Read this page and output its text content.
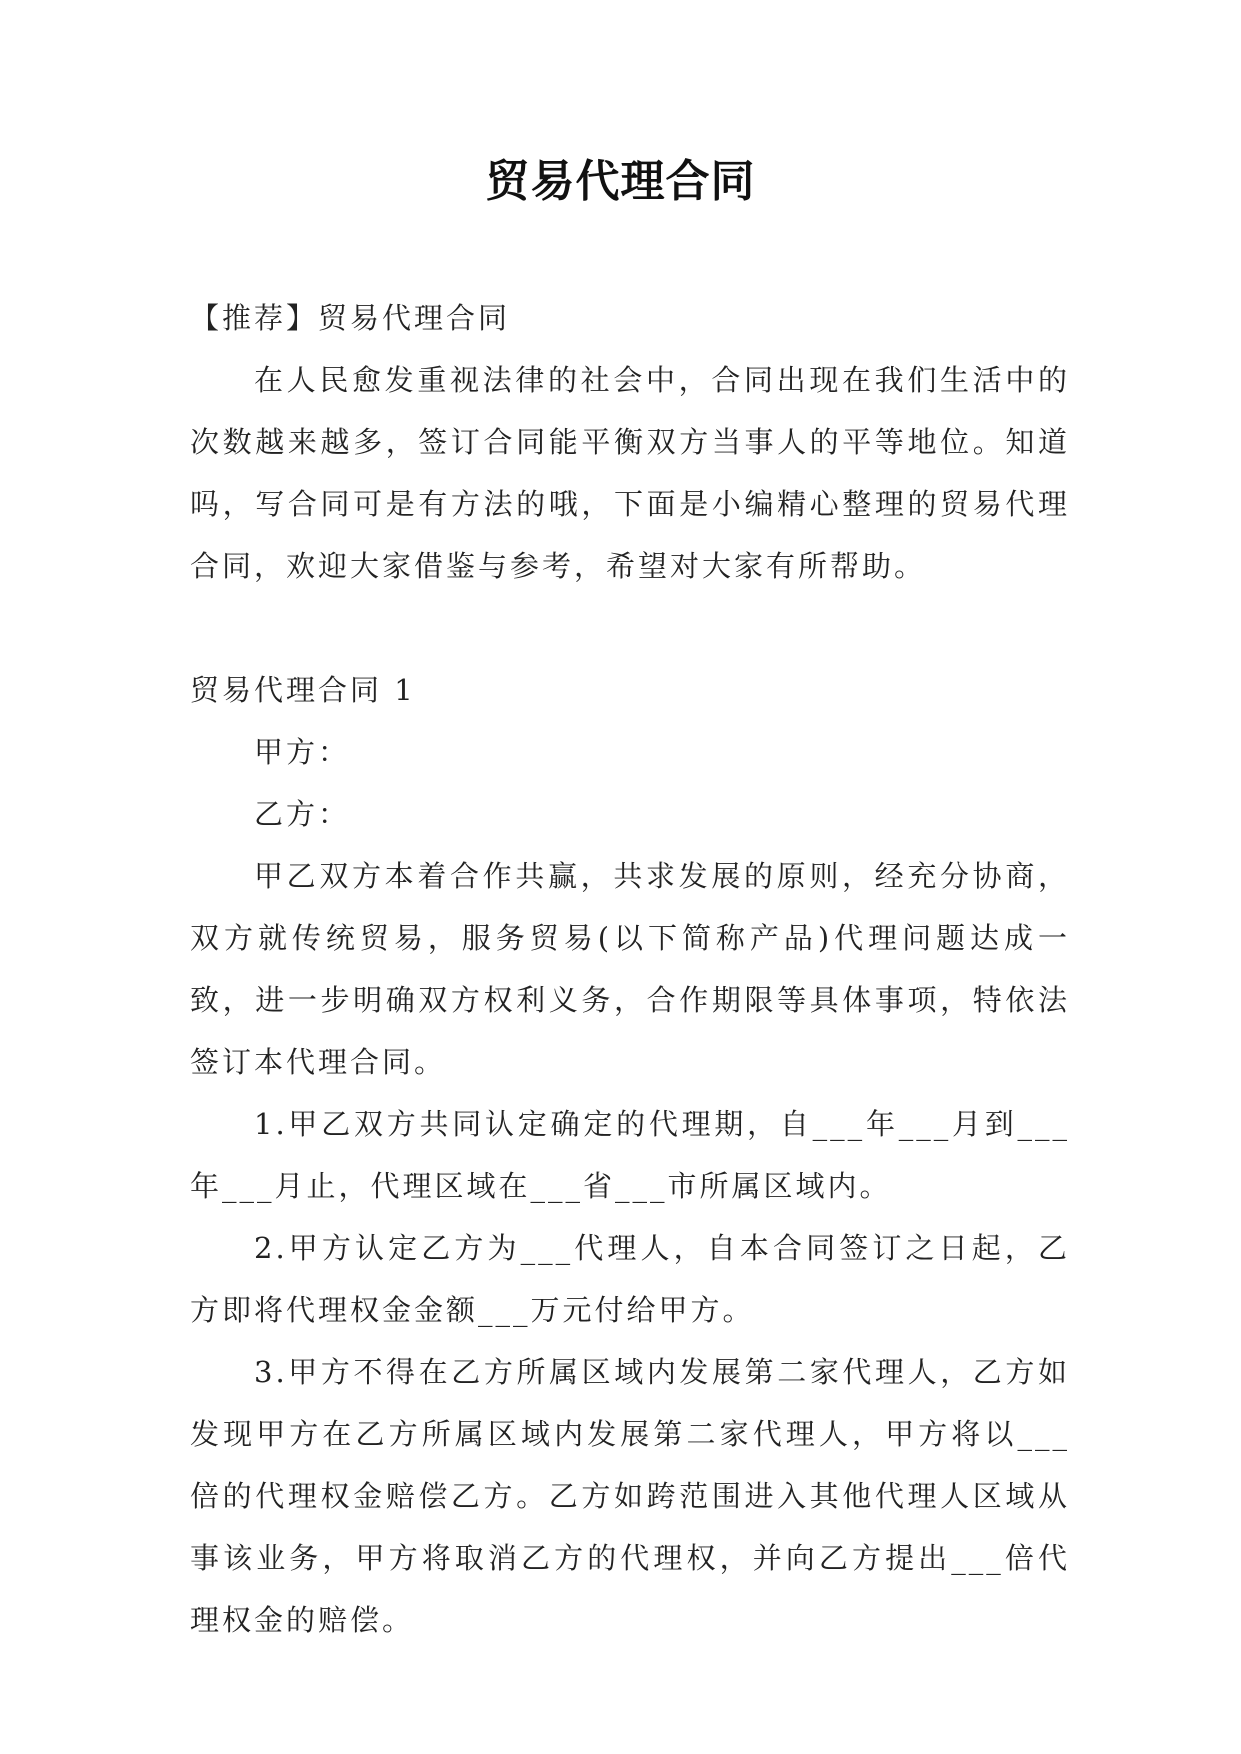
贸易代理合同

【推荐】贸易代理合同

在人民愈发重视法律的社会中，合同出现在我们生活中的次数越来越多，签订合同能平衡双方当事人的平等地位。知道吗，写合同可是有方法的哦，下面是小编精心整理的贸易代理合同，欢迎大家借鉴与参考，希望对大家有所帮助。

贸易代理合同 1

甲方：

乙方：

甲乙双方本着合作共赢，共求发展的原则，经充分协商，双方就传统贸易，服务贸易(以下简称产品)代理问题达成一致，进一步明确双方权利义务，合作期限等具体事项，特依法签订本代理合同。

1.甲乙双方共同认定确定的代理期，自___年___月到___年___月止，代理区域在___省___市所属区域内。

2.甲方认定乙方为___代理人，自本合同签订之日起，乙方即将代理权金金额___万元付给甲方。

3.甲方不得在乙方所属区域内发展第二家代理人，乙方如发现甲方在乙方所属区域内发展第二家代理人，甲方将以___倍的代理权金赔偿乙方。乙方如跨范围进入其他代理人区域从事该业务，甲方将取消乙方的代理权，并向乙方提出___倍代理权金的赔偿。
